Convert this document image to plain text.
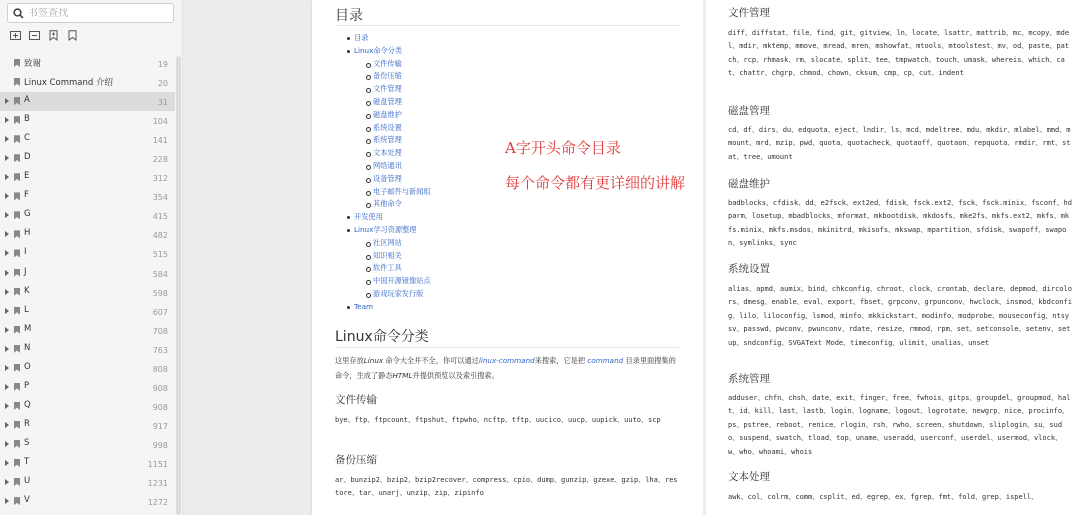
书签查找
致谢	19
Linux Command 介绍	20
A	31
B	104
C	141
D	228
E	312
F	354
G	415
H	482
I	515
J	584
K	598
L	607
M	708
N	763
O	808
P	908
Q	908
R	917
S	998
T	1151
U	1231
V	1272
目录
目录
Linux命令分类
文件传输
备份压缩
文件管理
磁盘管理
磁盘维护
系统设置
系统管理
文本处理
网络通讯
设备管理
电子邮件与新闻组
其他命令
开发使用
Linux学习资源整理
社区网站
知识相关
软件工具
中国开源镜像站点
游戏玩家发行版
Team
A字开头命令目录
每个命令都有更详细的讲解
Linux命令分类
这里存放Linux 命令大全并不全，你可以通过linux-command来搜索，它是把 command 目录里面搜集的命令，生成了静态HTML并提供预览以及索引搜索。
文件传输
bye、ftp、ftpcount、ftpshut、ftpwho、ncftp、tftp、uucico、uucp、uupick、uuto、scp
备份压缩
ar、bunzip2、bzip2、bzip2recover、compress、cpio、dump、gunzip、gzexe、gzip、lha、restore、tar、unarj、unzip、zip、zipinfo
文件管理
diff、diffstat、file、find、git、gitview、ln、locate、lsattr、mattrib、mc、mcopy、mdel、mdir、mktemp、mmove、mread、mren、mshowfat、mtools、mtoolstest、mv、od、paste、patch、rcp、rhmask、rm、slocate、split、tee、tmpwatch、touch、umask、whereis、which、cat、chattr、chgrp、chmod、chown、cksum、cmp、cp、cut、indent
磁盘管理
cd、df、dirs、du、edquota、eject、lndir、ls、mcd、mdeltree、mdu、mkdir、mlabel、mmd、mmount、mrd、mzip、pwd、quota、quotacheck、quotaoff、quotaon、repquota、rmdir、rmt、stat、tree、umount
磁盘维护
badblocks、cfdisk、dd、e2fsck、ext2ed、fdisk、fsck.ext2、fsck、fsck.minix、fsconf、hdparm、losetup、mbadblocks、mformat、mkbootdisk、mkdosfs、mke2fs、mkfs.ext2、mkfs、mkfs.minix、mkfs.msdos、mkinitrd、mkisofs、mkswap、mpartition、sfdisk、swapoff、swapon、symlinks、sync
系统设置
alias、apmd、aumix、bind、chkconfig、chroot、clock、crontab、declare、depmod、dircolors、dmesg、enable、eval、export、fbset、grpconv、grpunconv、hwclock、insmod、kbdconfig、lilo、liloconfig、lsmod、minfo、mkkickstart、modinfo、modprobe、mouseconfig、ntsysv、passwd、pwconv、pwunconv、rdate、resize、rmmod、rpm、set、setconsole、setenv、setup、sndconfig、SVGAText Mode、timeconfig、ulimit、unalias、unset
系统管理
adduser、chfn、chsh、date、exit、finger、free、fwhois、gitps、groupdel、groupmod、halt、id、kill、last、lastb、login、logname、logout、logrotate、newgrp、nice、procinfo、ps、pstree、reboot、renice、rlogin、rsh、rwho、screen、shutdown、sliplogin、su、sudo、suspend、swatch、tload、top、uname、useradd、userconf、userdel、usermod、vlock、w、who、whoami、whois
文本处理
awk、col、colrm、comm、csplit、ed、egrep、ex、fgrep、fmt、fold、grep、ispell、
